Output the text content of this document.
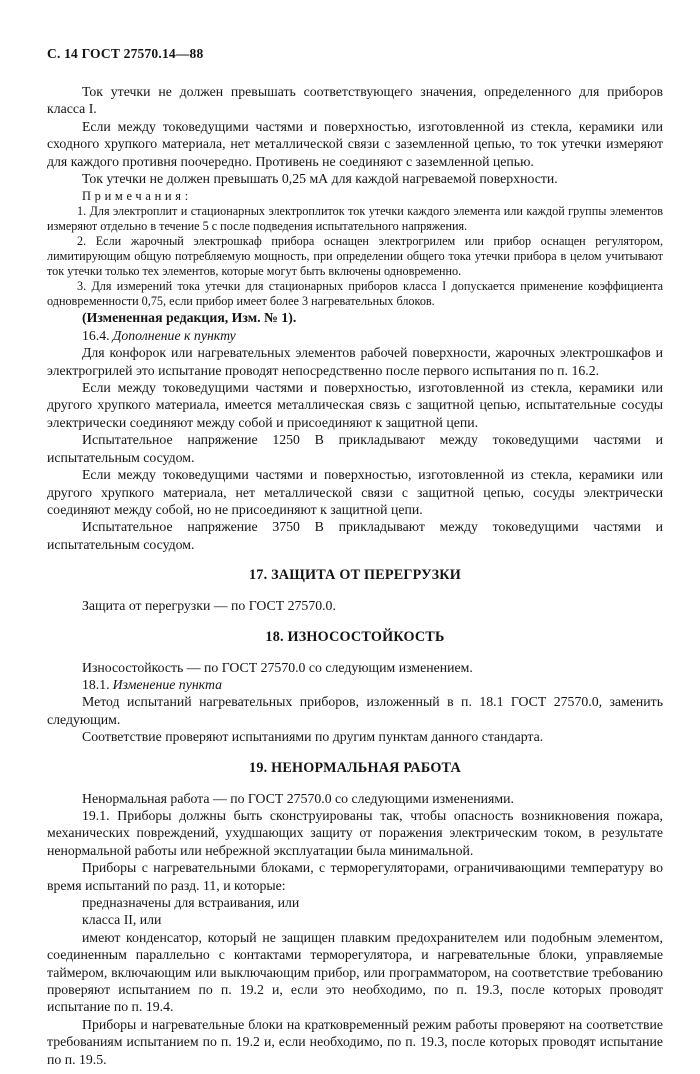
С. 14 ГОСТ 27570.14—88

Ток утечки не должен превышать соответствующего значения, определенного для приборов класса I.

Если между токоведущими частями и поверхностью, изготовленной из стекла, керамики или сходного хрупкого материала, нет металлической связи с заземленной цепью, то ток утечки измеряют для каждого противня поочередно. Противень не соединяют с заземленной цепью.

Ток утечки не должен превышать 0,25 мА для каждой нагреваемой поверхности.

Примечания:

1. Для электроплит и стационарных электроплиток ток утечки каждого элемента или каждой группы элементов измеряют отдельно в течение 5 с после подведения испытательного напряжения.

2. Если жарочный электрошкаф прибора оснащен электрогрилем или прибор оснащен регулятором, лимитирующим общую потребляемую мощность, при определении общего тока утечки прибора в целом учитывают ток утечки только тех элементов, которые могут быть включены одновременно.

3. Для измерений тока утечки для стационарных приборов класса I допускается применение коэффициента одновременности 0,75, если прибор имеет более 3 нагревательных блоков.

(Измененная редакция, Изм. № 1).

16.4. Дополнение к пункту

Для конфорок или нагревательных элементов рабочей поверхности, жарочных электрошкафов и электрогрилей это испытание проводят непосредственно после первого испытания по п. 16.2.

Если между токоведущими частями и поверхностью, изготовленной из стекла, керамики или другого хрупкого материала, имеется металлическая связь с защитной цепью, испытательные сосуды электрически соединяют между собой и присоединяют к защитной цепи.

Испытательное напряжение 1250 В прикладывают между токоведущими частями и испытательным сосудом.

Если между токоведущими частями и поверхностью, изготовленной из стекла, керамики или другого хрупкого материала, нет металлической связи с защитной цепью, сосуды электрически соединяют между собой, но не присоединяют к защитной цепи.

Испытательное напряжение 3750 В прикладывают между токоведущими частями и испытательным сосудом.

17. ЗАЩИТА ОТ ПЕРЕГРУЗКИ

Защита от перегрузки — по ГОСТ 27570.0.

18. ИЗНОСОСТОЙКОСТЬ

Износостойкость — по ГОСТ 27570.0 со следующим изменением.

18.1. Изменение пункта

Метод испытаний нагревательных приборов, изложенный в п. 18.1 ГОСТ 27570.0, заменить следующим.

Соответствие проверяют испытаниями по другим пунктам данного стандарта.

19. НЕНОРМАЛЬНАЯ РАБОТА

Ненормальная работа — по ГОСТ 27570.0 со следующими изменениями.

19.1. Приборы должны быть сконструированы так, чтобы опасность возникновения пожара, механических повреждений, ухудшающих защиту от поражения электрическим током, в результате ненормальной работы или небрежной эксплуатации была минимальной.

Приборы с нагревательными блоками, с терморегуляторами, ограничивающими температуру во время испытаний по разд. 11, и которые:

предназначены для встраивания, или

класса II, или

имеют конденсатор, который не защищен плавким предохранителем или подобным элементом, соединенным параллельно с контактами терморегулятора, и нагревательные блоки, управляемые таймером, включающим или выключающим прибор, или программатором, на соответствие требованию проверяют испытанием по п. 19.2 и, если это необходимо, по п. 19.3, после которых проводят испытание по п. 19.4.

Приборы и нагревательные блоки на кратковременный режим работы проверяют на соответствие требованиям испытанием по п. 19.2 и, если необходимо, по п. 19.3, после которых проводят испытание по п. 19.5.
